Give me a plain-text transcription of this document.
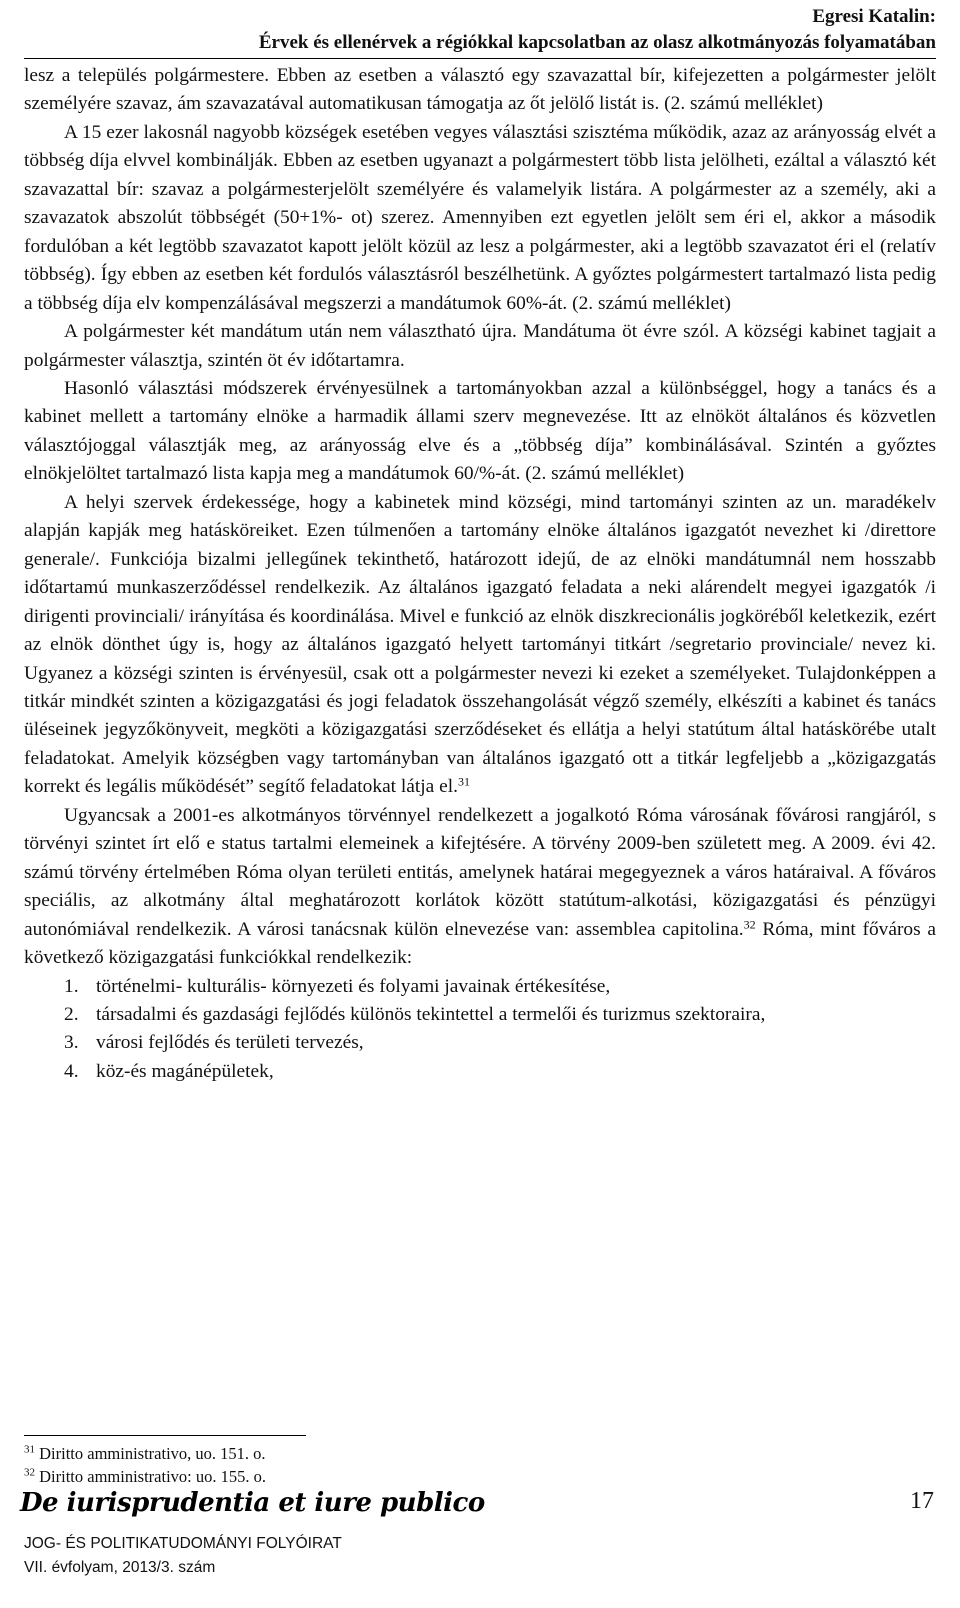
Egresi Katalin:
Érvek és ellenérvek a régiókkal kapcsolatban az olasz alkotmányozás folyamatában

lesz a település polgármestere. Ebben az esetben a választó egy szavazattal bír, kifejezetten a polgármester jelölt személyére szavaz, ám szavazatával automatikusan támogatja az őt jelölő listát is. (2. számú melléklet)

A 15 ezer lakosnál nagyobb községek esetében vegyes választási szisztéma működik, azaz az arányosság elvét a többség díja elvvel kombinálják. Ebben az esetben ugyanazt a polgármestert több lista jelölheti, ezáltal a választó két szavazattal bír: szavaz a polgármesterjelölt személyére és valamelyik listára. A polgármester az a személy, aki a szavazatok abszolút többségét (50+1%- ot) szerez. Amennyiben ezt egyetlen jelölt sem éri el, akkor a második fordulóban a két legtöbb szavazatot kapott jelölt közül az lesz a polgármester, aki a legtöbb szavazatot éri el (relatív többség). Így ebben az esetben két fordulós választásról beszélhetünk. A győztes polgármestert tartalmazó lista pedig a többség díja elv kompenzálásával megszerzi a mandátumok 60%-át. (2. számú melléklet)

A polgármester két mandátum után nem választható újra. Mandátuma öt évre szól. A községi kabinet tagjait a polgármester választja, szintén öt év időtartamra.

Hasonló választási módszerek érvényesülnek a tartományokban azzal a különbséggel, hogy a tanács és a kabinet mellett a tartomány elnöke a harmadik állami szerv megnevezése. Itt az elnököt általános és közvetlen választójoggal választják meg, az arányosság elve és a „többség díja” kombinálásával. Szintén a győztes elnökjelöltet tartalmazó lista kapja meg a mandátumok 60/%-át. (2. számú melléklet)

A helyi szervek érdekessége, hogy a kabinetek mind községi, mind tartományi szinten az un. maradékelv alapján kapják meg hatásköreiket. Ezen túlmenően a tartomány elnöke általános igazgatót nevezhet ki /direttore generale/. Funkciója bizalmi jellegűnek tekinthető, határozott idejű, de az elnöki mandátumnál nem hosszabb időtartamú munkaszerződéssel rendelkezik. Az általános igazgató feladata a neki alárendelt megyei igazgatók /i dirigenti provinciali/ irányítása és koordinálása. Mivel e funkció az elnök diszkrecionális jogköréből keletkezik, ezért az elnök dönthet úgy is, hogy az általános igazgató helyett tartományi titkárt /segretario provinciale/ nevez ki. Ugyanez a községi szinten is érvényesül, csak ott a polgármester nevezi ki ezeket a személyeket. Tulajdonképpen a titkár mindkét szinten a közigazgatási és jogi feladatok összehangolását végző személy, elkészíti a kabinet és tanács üléseinek jegyzőkönyveit, megköti a közigazgatási szerződéseket és ellátja a helyi statútum által hatáskörébe utalt feladatokat. Amelyik községben vagy tartományban van általános igazgató ott a titkár legfeljebb a „közigazgatás korrekt és legális működését” segítő feladatokat látja el.$^{31}$

Ugyancsak a 2001-es alkotmányos törvénnyel rendelkezett a jogalkotó Róma városának fővárosi rangjáról, s törvényi szintet írt elő e status tartalmi elemeinek a kifejtésére. A törvény 2009-ben született meg. A 2009. évi 42. számú törvény értelmében Róma olyan területi entitás, amelynek határai megegyeznek a város határaival. A főváros speciális, az alkotmány által meghatározott korlátok között statútum-alkotási, közigazgatási és pénzügyi autonómiával rendelkezik. A városi tanácsnak külön elnevezése van: assemblea capitolina.$^{32}$ Róma, mint főváros a következő közigazgatási funkciókkal rendelkezik:

1. történelmi- kulturális- környezeti és folyami javainak értékesítése,
2. társadalmi és gazdasági fejlődés különös tekintettel a termelői és turizmus szektoraira,
3. városi fejlődés és területi tervezés,
4. köz-és magánépületek,
$^{31}$ Diritto amministrativo, uo. 151. o.
$^{32}$ Diritto amministrativo: uo. 155. o.
De iurisprudentia et iure publico
JOG- ÉS POLITIKATUDOMÁNYI FOLYÓIRAT
VII. évfolyam, 2013/3. szám
17
